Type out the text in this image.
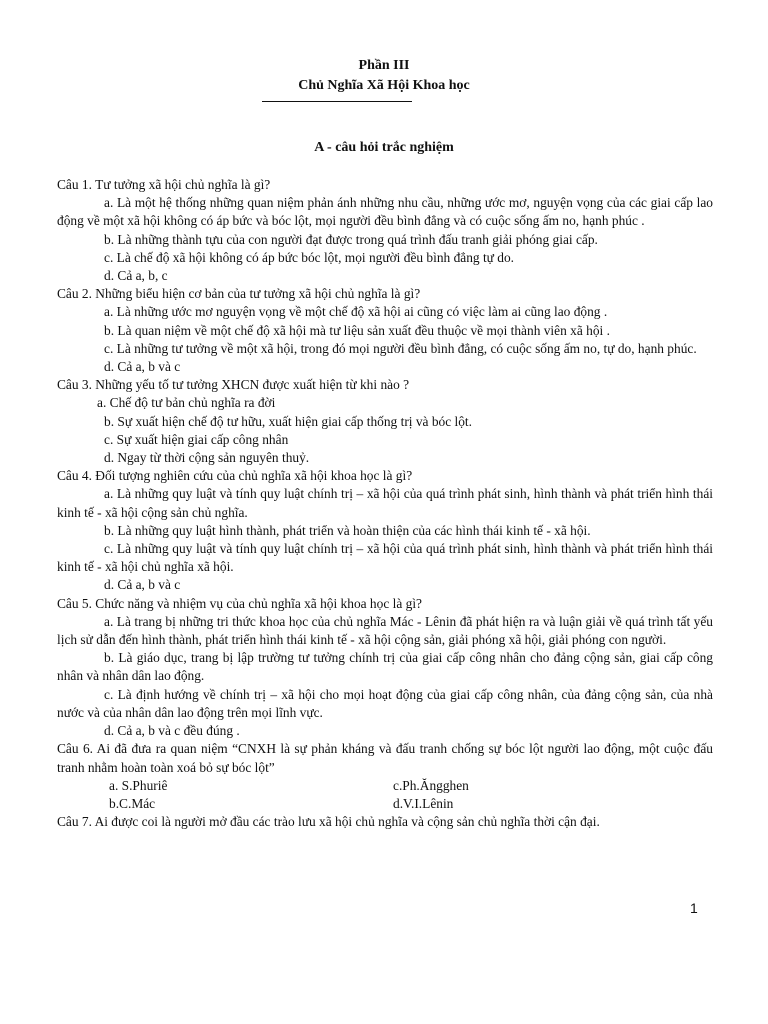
Phần III
Chủ Nghĩa Xã Hội Khoa học
A - câu hỏi trắc nghiệm

Câu 1. Tư tưởng xã hội chủ nghĩa là gì?

a. Là một hệ thống những quan niệm phản ánh những nhu cầu, những ước mơ, nguyện vọng của các giai cấp lao động về một xã hội không có áp bức và bóc lột, mọi người đều bình đẳng và có cuộc sống ấm no, hạnh phúc .

b. Là những thành tựu của con người đạt được trong quá trình đấu tranh giải phóng giai cấp.

c. Là chế độ xã hội không có áp bức bóc lột, mọi người đều bình đẳng tự do.

d. Cả a, b, c

Câu 2. Những biểu hiện cơ bản của tư tưởng xã hội chủ nghĩa là gì?

a. Là những ước mơ nguyện vọng về một chế độ xã hội ai cũng có việc làm ai cũng lao động .

b. Là quan niệm về một chế độ xã hội mà tư liệu sản xuất đều thuộc về mọi thành viên xã hội .

c. Là những tư tưởng về một xã hội, trong đó mọi người đều bình đẳng, có cuộc sống ấm no, tự do, hạnh phúc.

d. Cả a, b và c

Câu 3. Những yếu tố tư tưởng XHCN được xuất hiện từ khi nào ?

a. Chế độ tư bản chủ nghĩa ra đời

b. Sự xuất hiện chế độ tư hữu, xuất hiện giai cấp thống trị và bóc lột.

c. Sự xuất hiện giai cấp công nhân

d. Ngay từ thời cộng sản nguyên thuỷ.

Câu 4. Đối tượng nghiên cứu của chủ nghĩa xã hội khoa học là gì?

a. Là những quy luật và tính quy luật chính trị – xã hội của quá trình phát sinh, hình thành và phát triển hình thái kinh tế - xã hội cộng sản chủ nghĩa.

b. Là những quy luật hình thành, phát triển và hoàn thiện của các hình thái kinh tế - xã hội.

c. Là những quy luật và tính quy luật chính trị – xã hội của quá trình phát sinh, hình thành và phát triển hình thái kinh tế - xã hội chủ nghĩa xã hội.

d. Cả a, b và c

Câu 5. Chức năng và nhiệm vụ của chủ nghĩa xã hội khoa học là gì?

a. Là trang bị những tri thức khoa học của chủ nghĩa Mác - Lênin đã phát hiện ra và luận giải về quá trình tất yếu lịch sử dẫn đến hình thành, phát triển hình thái kinh tế - xã hội cộng sản, giải phóng xã hội, giải phóng con người.

b. Là giáo dục, trang bị lập trường tư tưởng chính trị của giai cấp công nhân cho đảng cộng sản, giai cấp công nhân và nhân dân lao động.

c. Là định hướng về chính trị – xã hội cho mọi hoạt động của giai cấp công nhân, của đảng cộng sản, của nhà nước và của nhân dân lao động trên mọi lĩnh vực.

d. Cả a, b và c đều đúng .

Câu 6. Ai đã đưa ra quan niệm “CNXH là sự phản kháng và đấu tranh chống sự bóc lột người lao động, một cuộc đấu tranh nhằm hoàn toàn xoá bỏ sự bóc lột”

a. S.Phuriê	c.Ph.Ăngghen
b.C.Mác	d.V.I.Lênin

Câu 7. Ai được coi là người mở đầu các trào lưu xã hội chủ nghĩa và cộng sản chủ nghĩa thời cận đại.

1
